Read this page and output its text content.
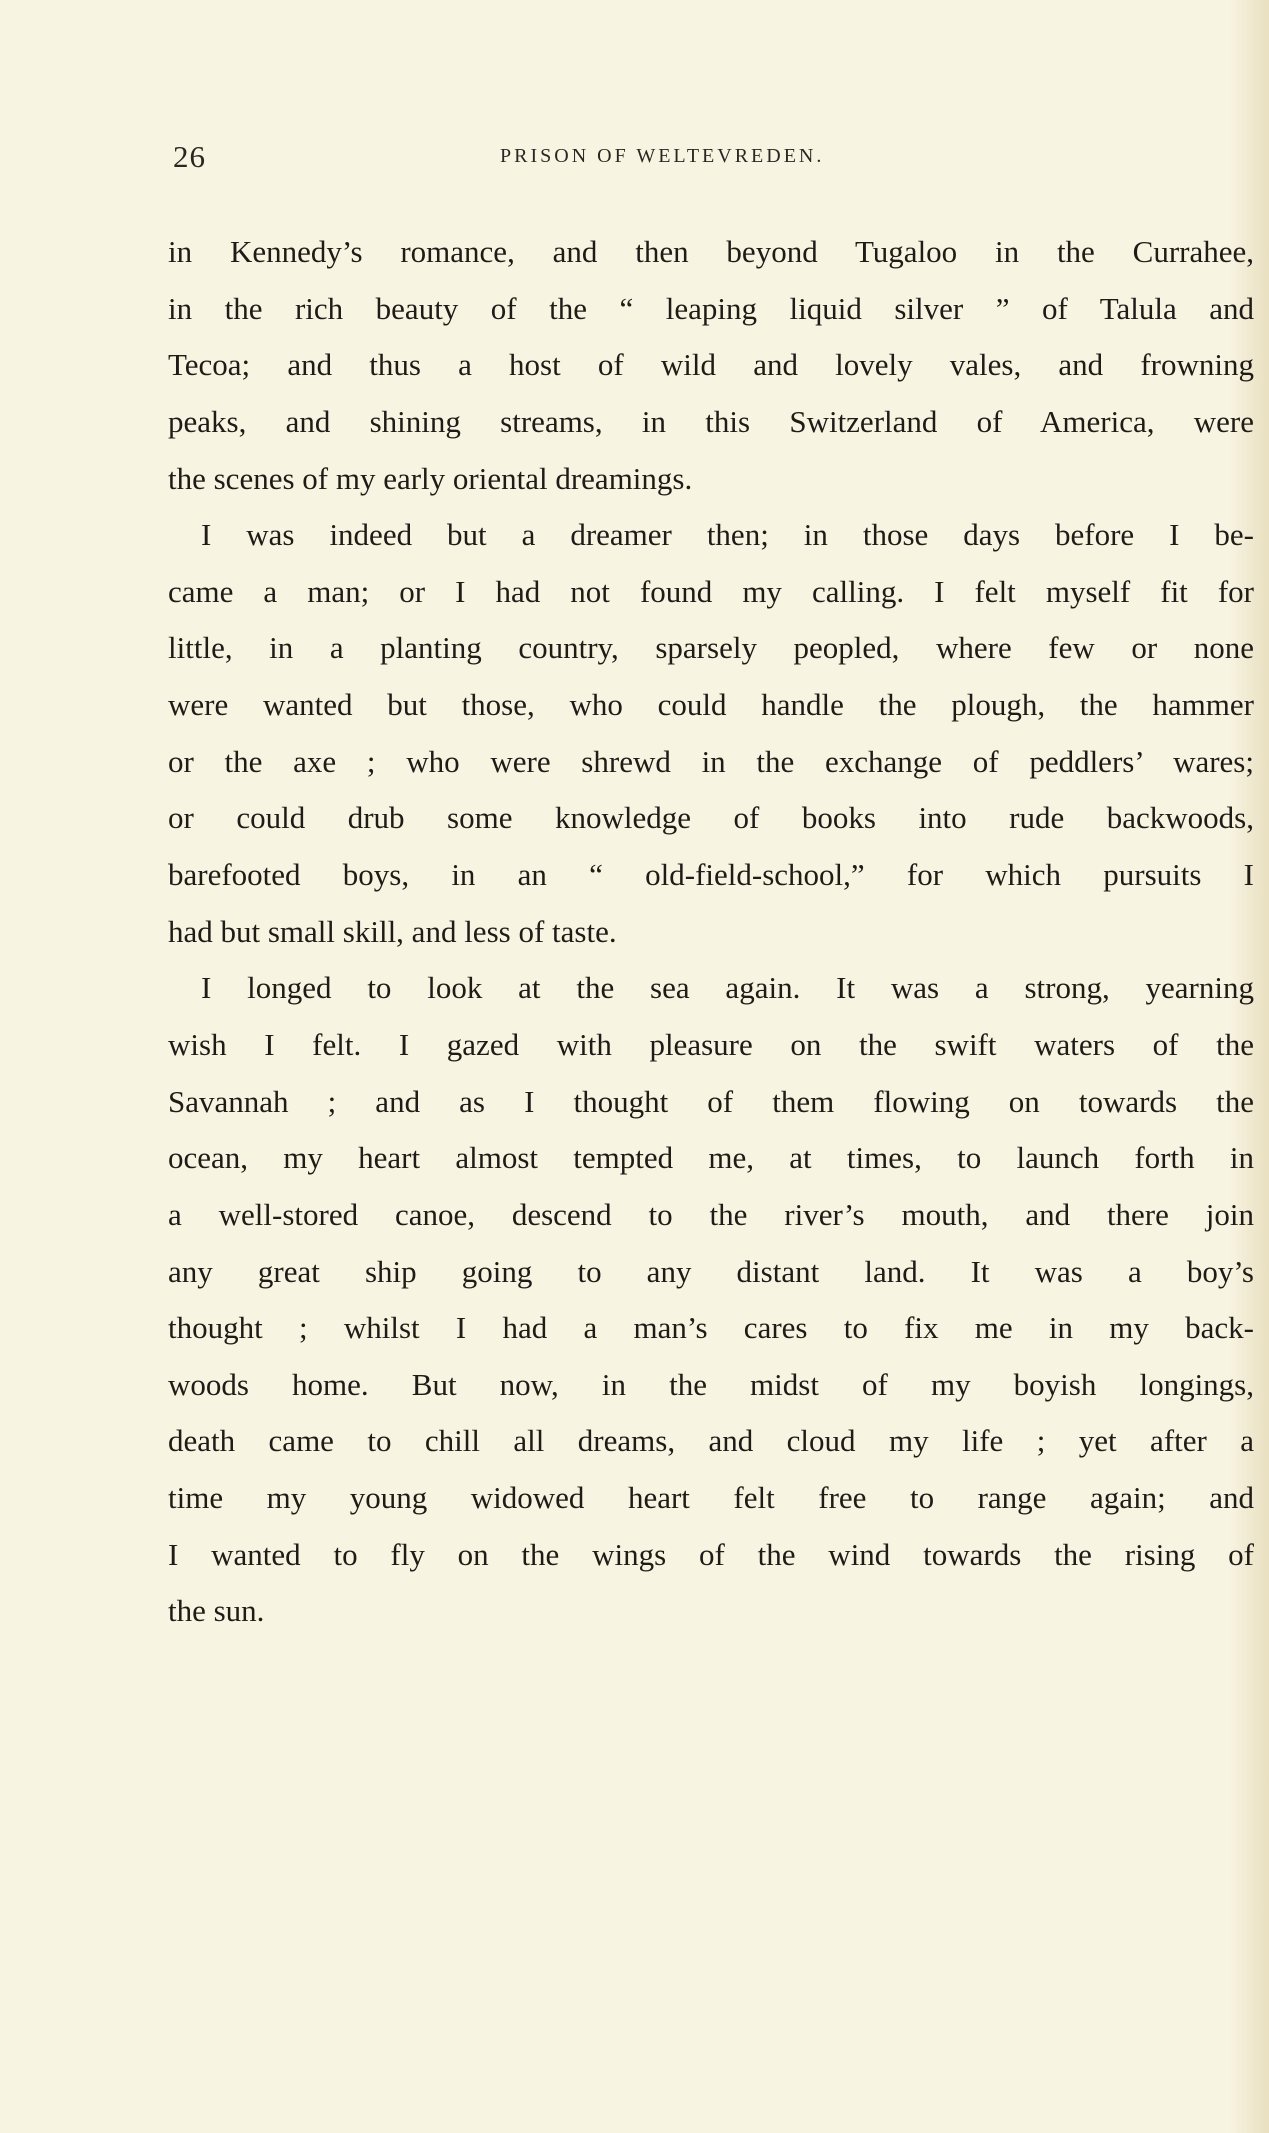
26	PRISON OF WELTEVREDEN.
in Kennedy’s romance, and then beyond Tugaloo in the Currahee,
in the rich beauty of the “ leaping liquid silver ” of Talula and
Tecoa; and thus a host of wild and lovely vales, and frowning
peaks, and shining streams, in this Switzerland of America, were
the scenes of my early oriental dreamings.
I was indeed but a dreamer then; in those days before I be-
came a man; or I had not found my calling. I felt myself fit for
little, in a planting country, sparsely peopled, where few or none
were wanted but those, who could handle the plough, the hammer
or the axe ; who were shrewd in the exchange of peddlers’ wares;
or could drub some knowledge of books into rude backwoods,
barefooted boys, in an “ old-field-school,” for which pursuits I
had but small skill, and less of taste.
I longed to look at the sea again. It was a strong, yearning
wish I felt. I gazed with pleasure on the swift waters of the
Savannah ; and as I thought of them flowing on towards the
ocean, my heart almost tempted me, at times, to launch forth in
a well-stored canoe, descend to the river’s mouth, and there join
any great ship going to any distant land. It was a boy’s
thought ; whilst I had a man’s cares to fix me in my back-
woods home. But now, in the midst of my boyish longings,
death came to chill all dreams, and cloud my life ; yet after a
time my young widowed heart felt free to range again; and
I wanted to fly on the wings of the wind towards the rising of
the sun.
